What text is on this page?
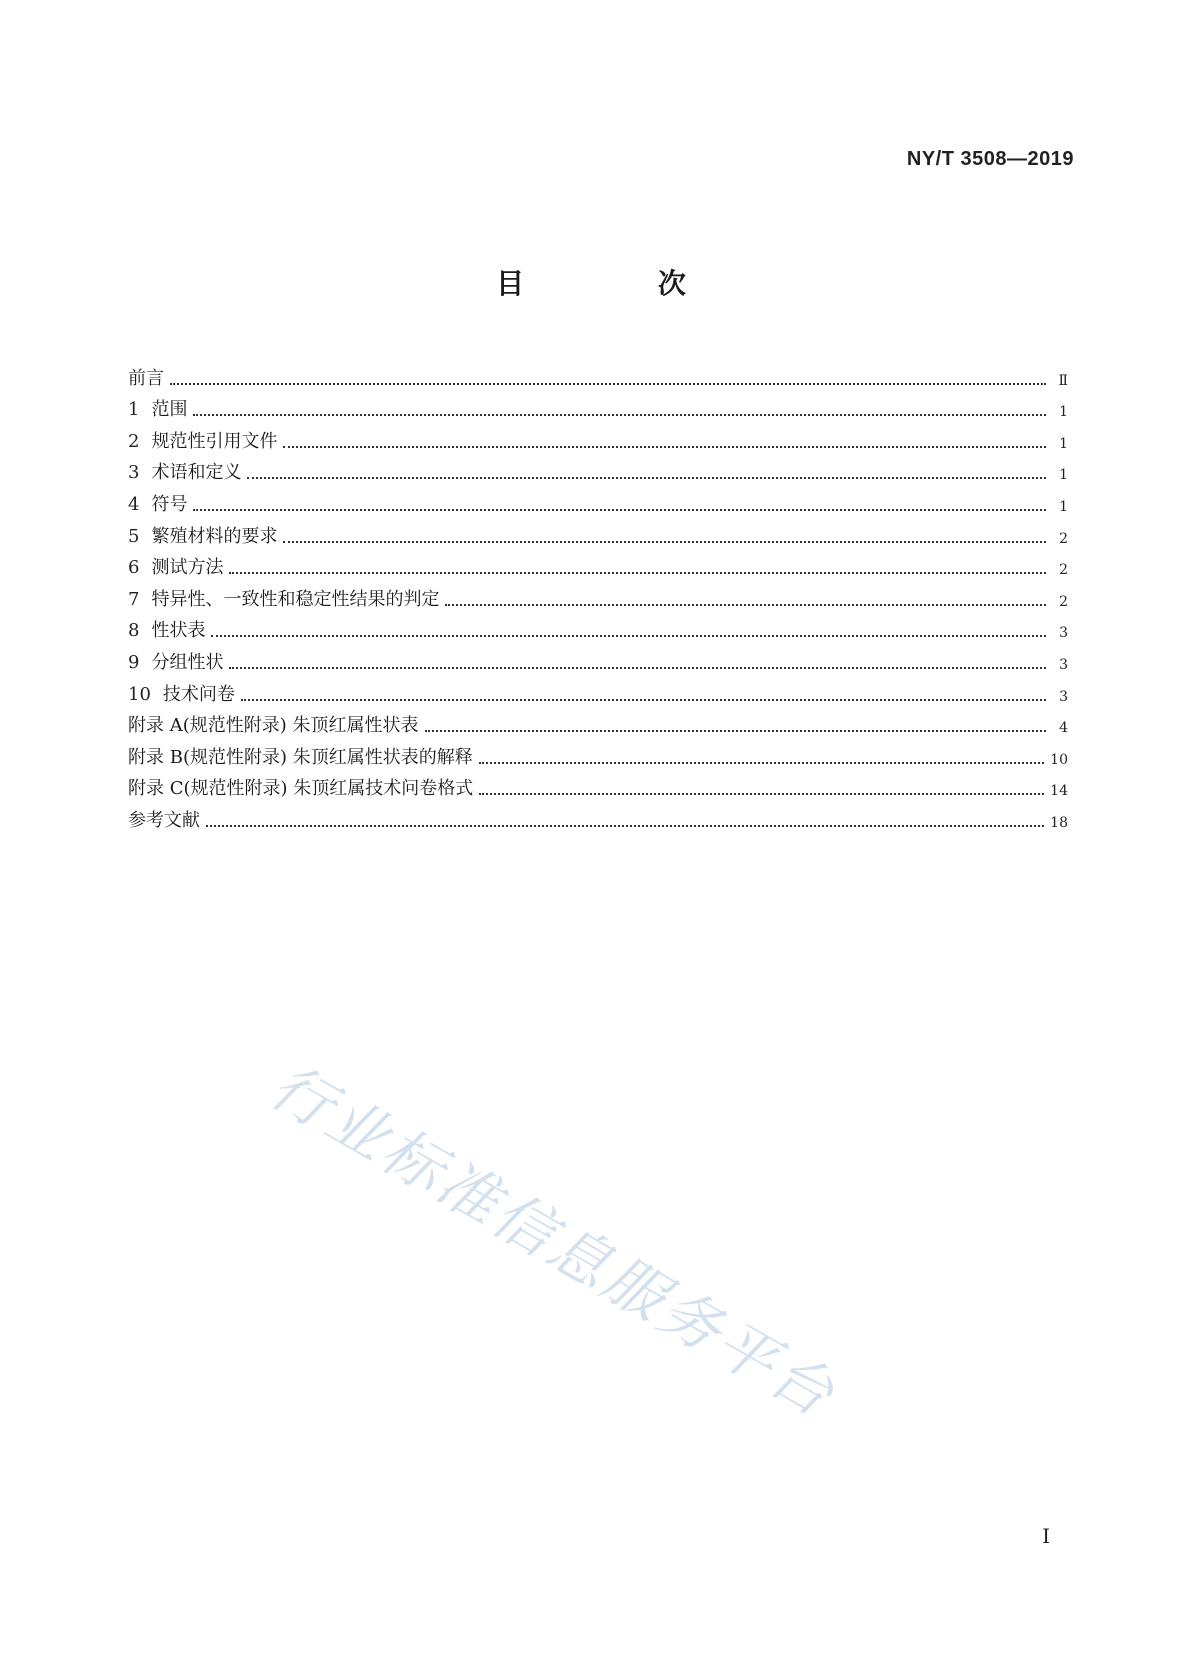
NY/T 3508—2019
目 次
前言	Ⅱ
1 范围	1
2 规范性引用文件	1
3 术语和定义	1
4 符号	1
5 繁殖材料的要求	2
6 测试方法	2
7 特异性、一致性和稳定性结果的判定	2
8 性状表	3
9 分组性状	3
10 技术问卷	3
附录 A(规范性附录) 朱顶红属性状表	4
附录 B(规范性附录) 朱顶红属性状表的解释	10
附录 C(规范性附录) 朱顶红属技术问卷格式	14
参考文献	18
行业标准信息服务平台
I
